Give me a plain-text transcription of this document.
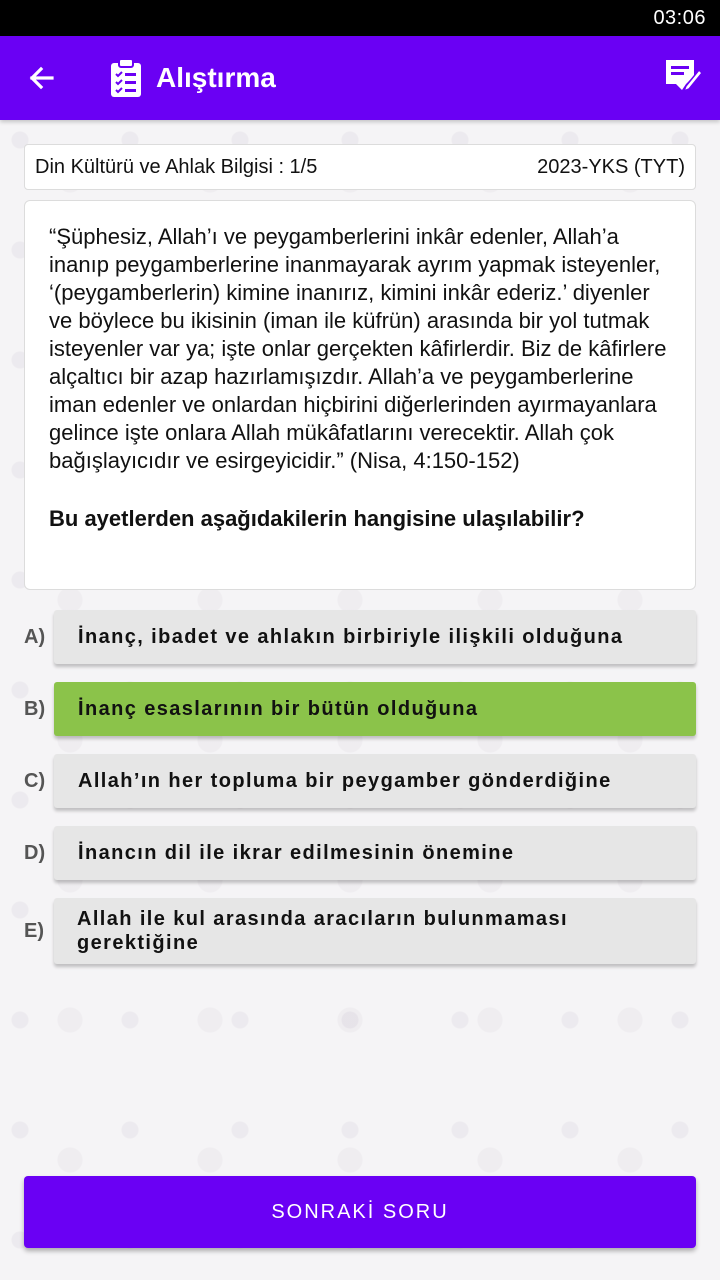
03:06
Alıştırma
Din Kültürü ve Ahlak Bilgisi : 1/5	2023-YKS (TYT)

“Şüphesiz, Allah’ı ve peygamberlerini inkâr edenler, Allah’a inanıp peygamberlerine inanmayarak ayrım yapmak isteyenler, ‘(peygamberlerin) kimine inanırız, kimini inkâr ederiz.’ diyenler ve böylece bu ikisinin (iman ile küfrün) arasında bir yol tutmak isteyenler var ya; işte onlar gerçekten kâfirlerdir. Biz de kâfirlere alçaltıcı bir azap hazırlamışızdır. Allah’a ve peygamberlerine iman edenler ve onlardan hiçbirini diğerlerinden ayırmayanlara gelince işte onlara Allah mükâfatlarını verecektir. Allah çok bağışlayıcıdır ve esirgeyicidir.” (Nisa, 4:150-152)

Bu ayetlerden aşağıdakilerin hangisine ulaşılabilir?

A) İnanç, ibadet ve ahlakın birbiriyle ilişkili olduğuna
B) İnanç esaslarının bir bütün olduğuna
C) Allah’ın her topluma bir peygamber gönderdiğine
D) İnancın dil ile ikrar edilmesinin önemine
E)
Allah ile kul arasında aracıların bulunmaması gerektiğine
SONRAKİ SORU
